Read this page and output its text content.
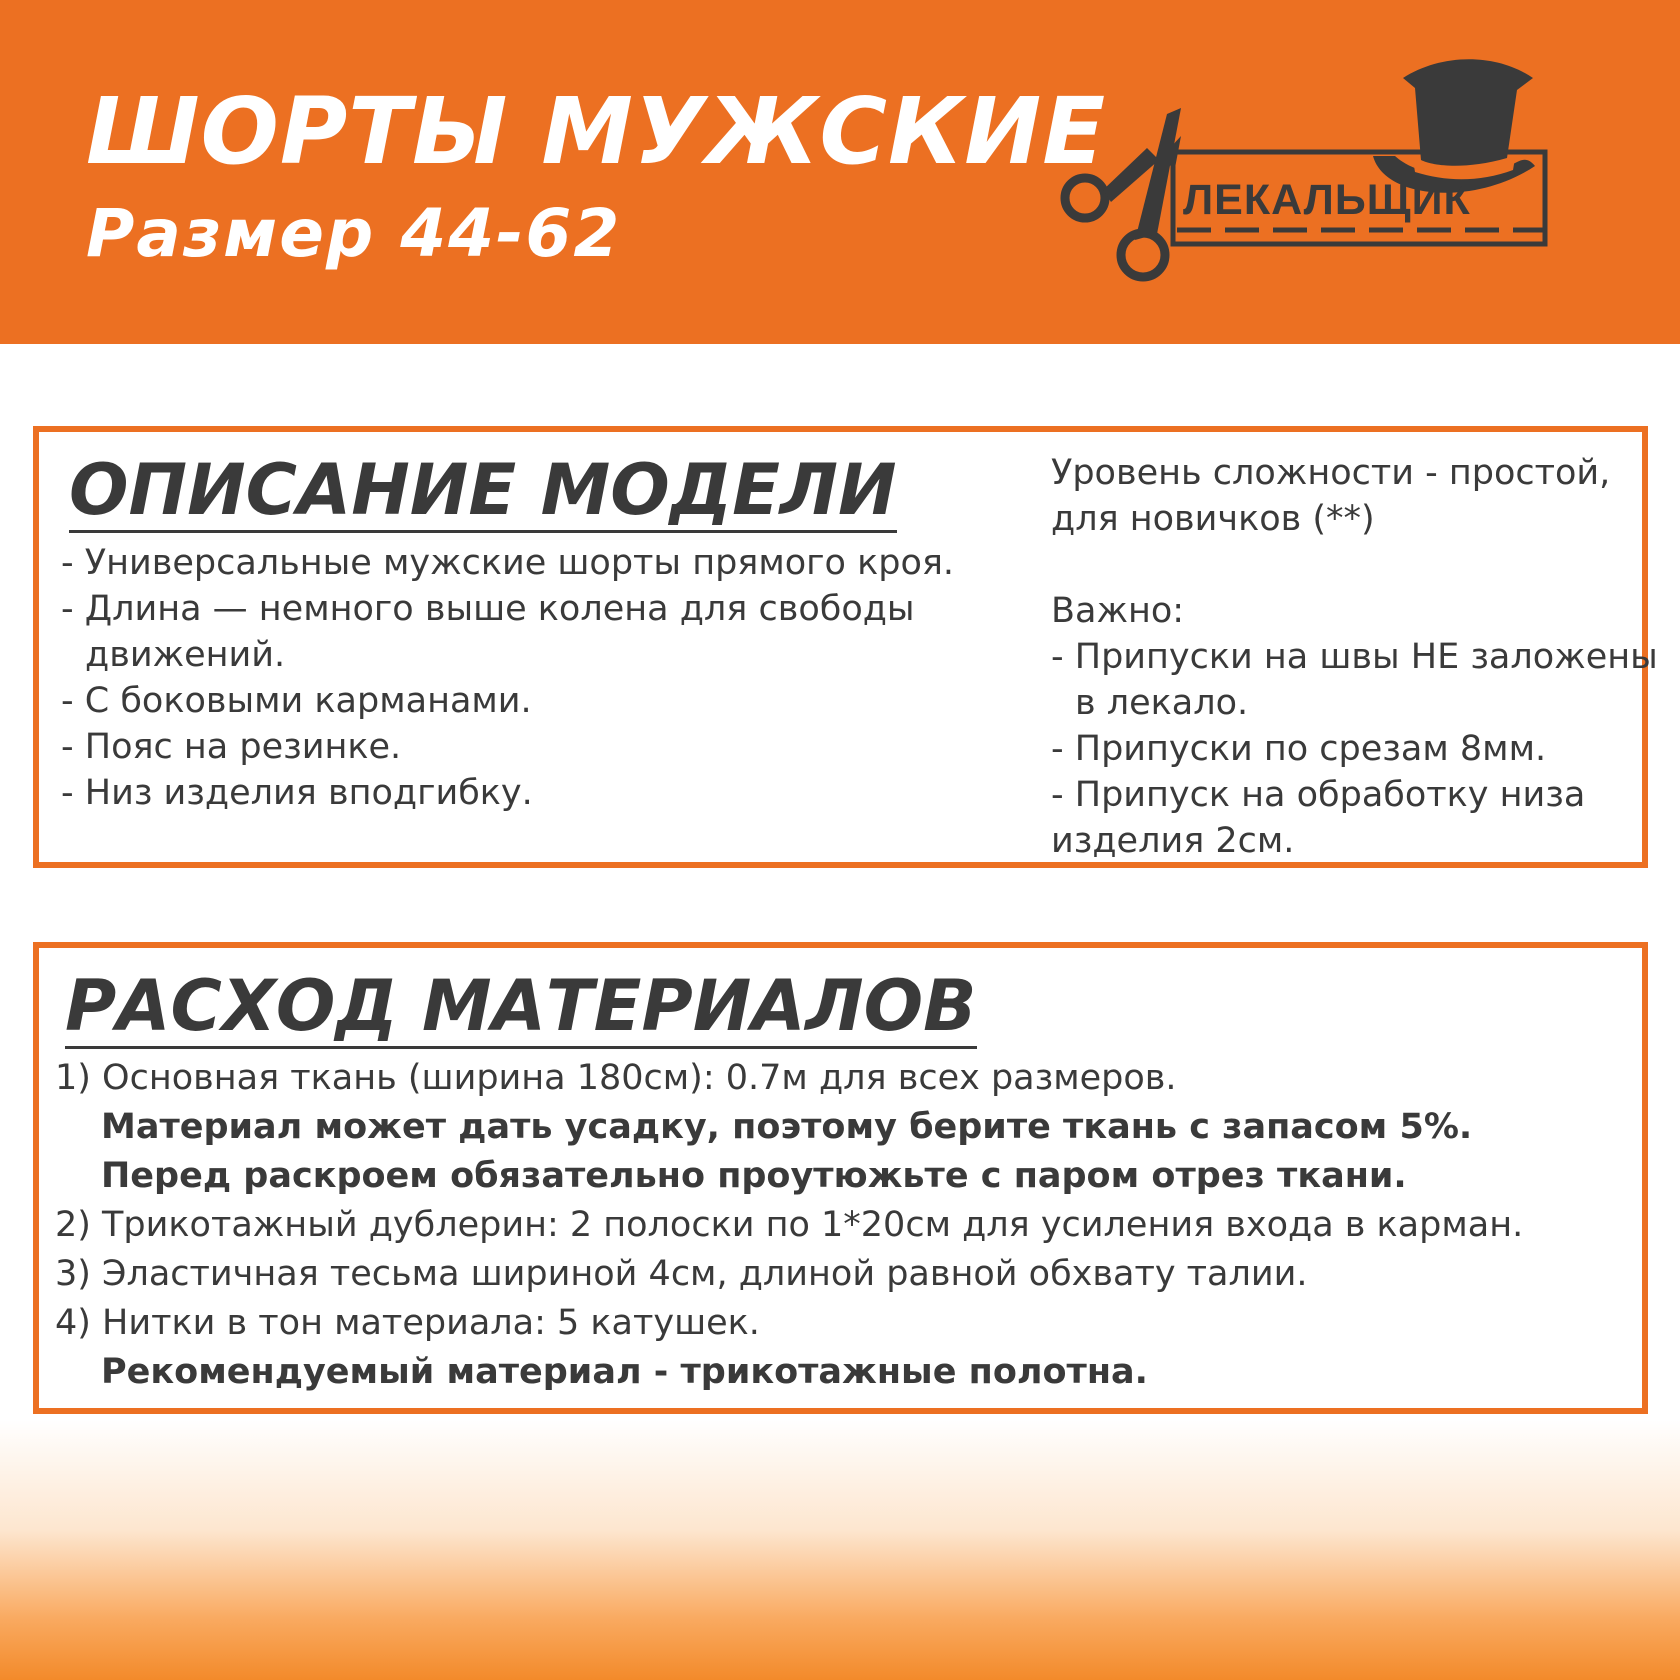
ШОРТЫ МУЖСКИЕ
Размер 44-62	ЛЕКАЛЬЩИК
ОПИСАНИЕ МОДЕЛИ
- Универсальные мужские шорты прямого кроя.
- Длина — немного выше колена для свободы
движений.
- С боковыми карманами.
- Пояс на резинке.
- Низ изделия вподгибку.
Уровень сложности - простой,
для новичков (**)

Важно:
- Припуски на швы НЕ заложены
в лекало.
- Припуски по срезам 8мм.
- Припуск на обработку низа
изделия 2см.
РАСХОД МАТЕРИАЛОВ
1) Основная ткань (ширина 180см): 0.7м для всех размеров.
Материал может дать усадку, поэтому берите ткань с запасом 5%.
Перед раскроем обязательно проутюжьте с паром отрез ткани.
2) Трикотажный дублерин: 2 полоски по 1*20см для усиления входа в карман.
3) Эластичная тесьма шириной 4см, длиной равной обхвату талии.
4) Нитки в тон материала: 5 катушек.
Рекомендуемый материал - трикотажные полотна.
